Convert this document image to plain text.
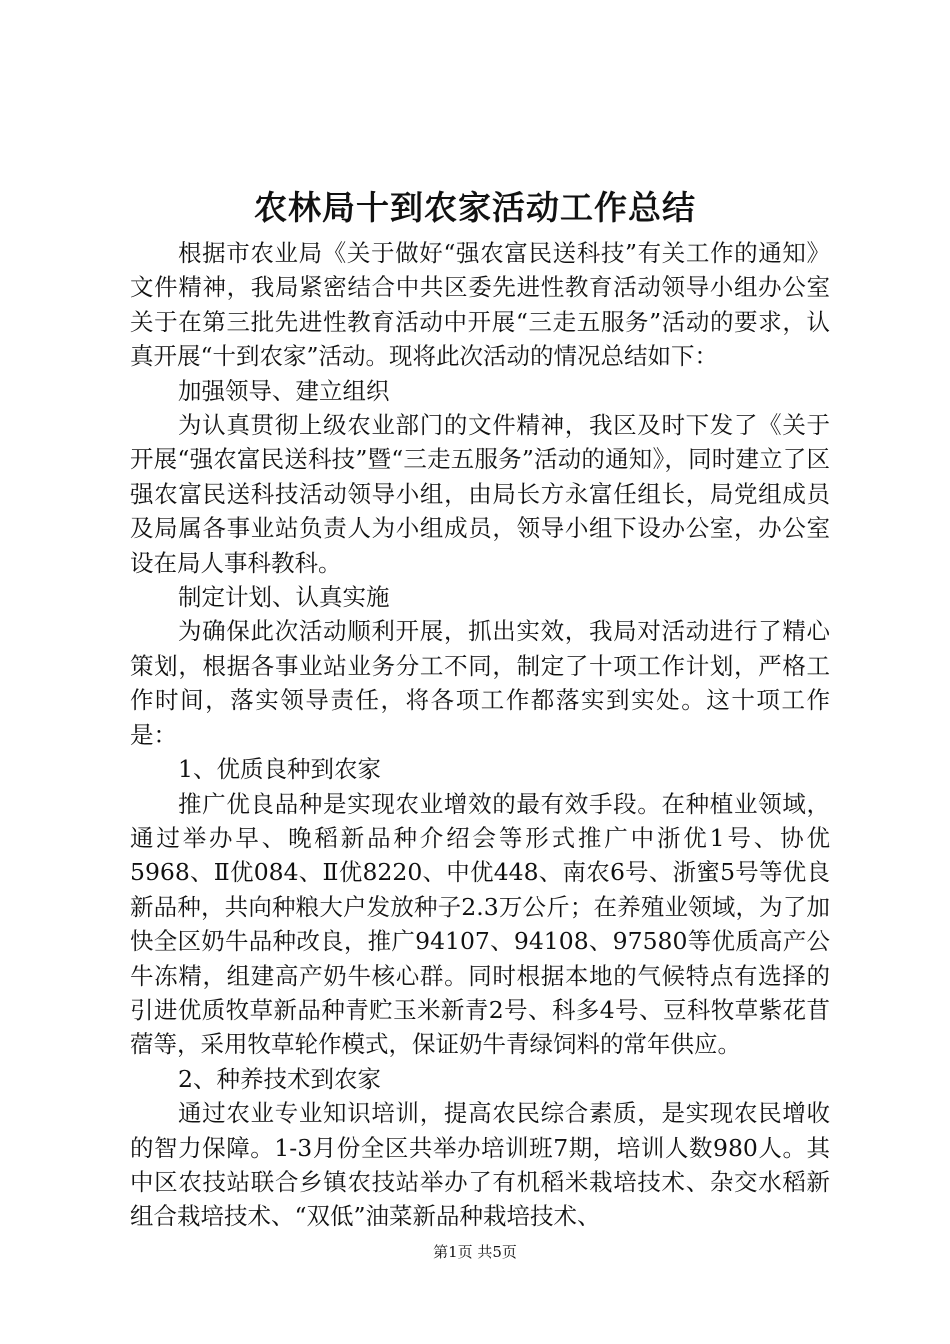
农林局十到农家活动工作总结

根据市农业局《关于做好“强农富民送科技”有关工作的通知》文件精神，我局紧密结合中共区委先进性教育活动领导小组办公室关于在第三批先进性教育活动中开展“三走五服务”活动的要求，认真开展“十到农家”活动。现将此次活动的情况总结如下：

加强领导、建立组织

为认真贯彻上级农业部门的文件精神，我区及时下发了《关于开展“强农富民送科技”暨“三走五服务”活动的通知》，同时建立了区强农富民送科技活动领导小组，由局长方永富任组长，局党组成员及局属各事业站负责人为小组成员，领导小组下设办公室，办公室设在局人事科教科。

制定计划、认真实施

为确保此次活动顺利开展，抓出实效，我局对活动进行了精心策划，根据各事业站业务分工不同，制定了十项工作计划，严格工作时间，落实领导责任，将各项工作都落实到实处。这十项工作是：

1、优质良种到农家

推广优良品种是实现农业增效的最有效手段。在种植业领域，通过举办早、晚稻新品种介绍会等形式推广中浙优1号、协优5968、Ⅱ优084、Ⅱ优8220、中优448、南农6号、浙蜜5号等优良新品种，共向种粮大户发放种子2.3万公斤；在养殖业领域，为了加快全区奶牛品种改良，推广94107、94108、97580等优质高产公牛冻精，组建高产奶牛核心群。同时根据本地的气候特点有选择的引进优质牧草新品种青贮玉米新青2号、科多4号、豆科牧草紫花苜蓿等，采用牧草轮作模式，保证奶牛青绿饲料的常年供应。

2、种养技术到农家

通过农业专业知识培训，提高农民综合素质，是实现农民增收的智力保障。1-3月份全区共举办培训班7期，培训人数980人。其中区农技站联合乡镇农技站举办了有机稻米栽培技术、杂交水稻新组合栽培技术、“双低”油菜新品种栽培技术、

第1页 共5页
